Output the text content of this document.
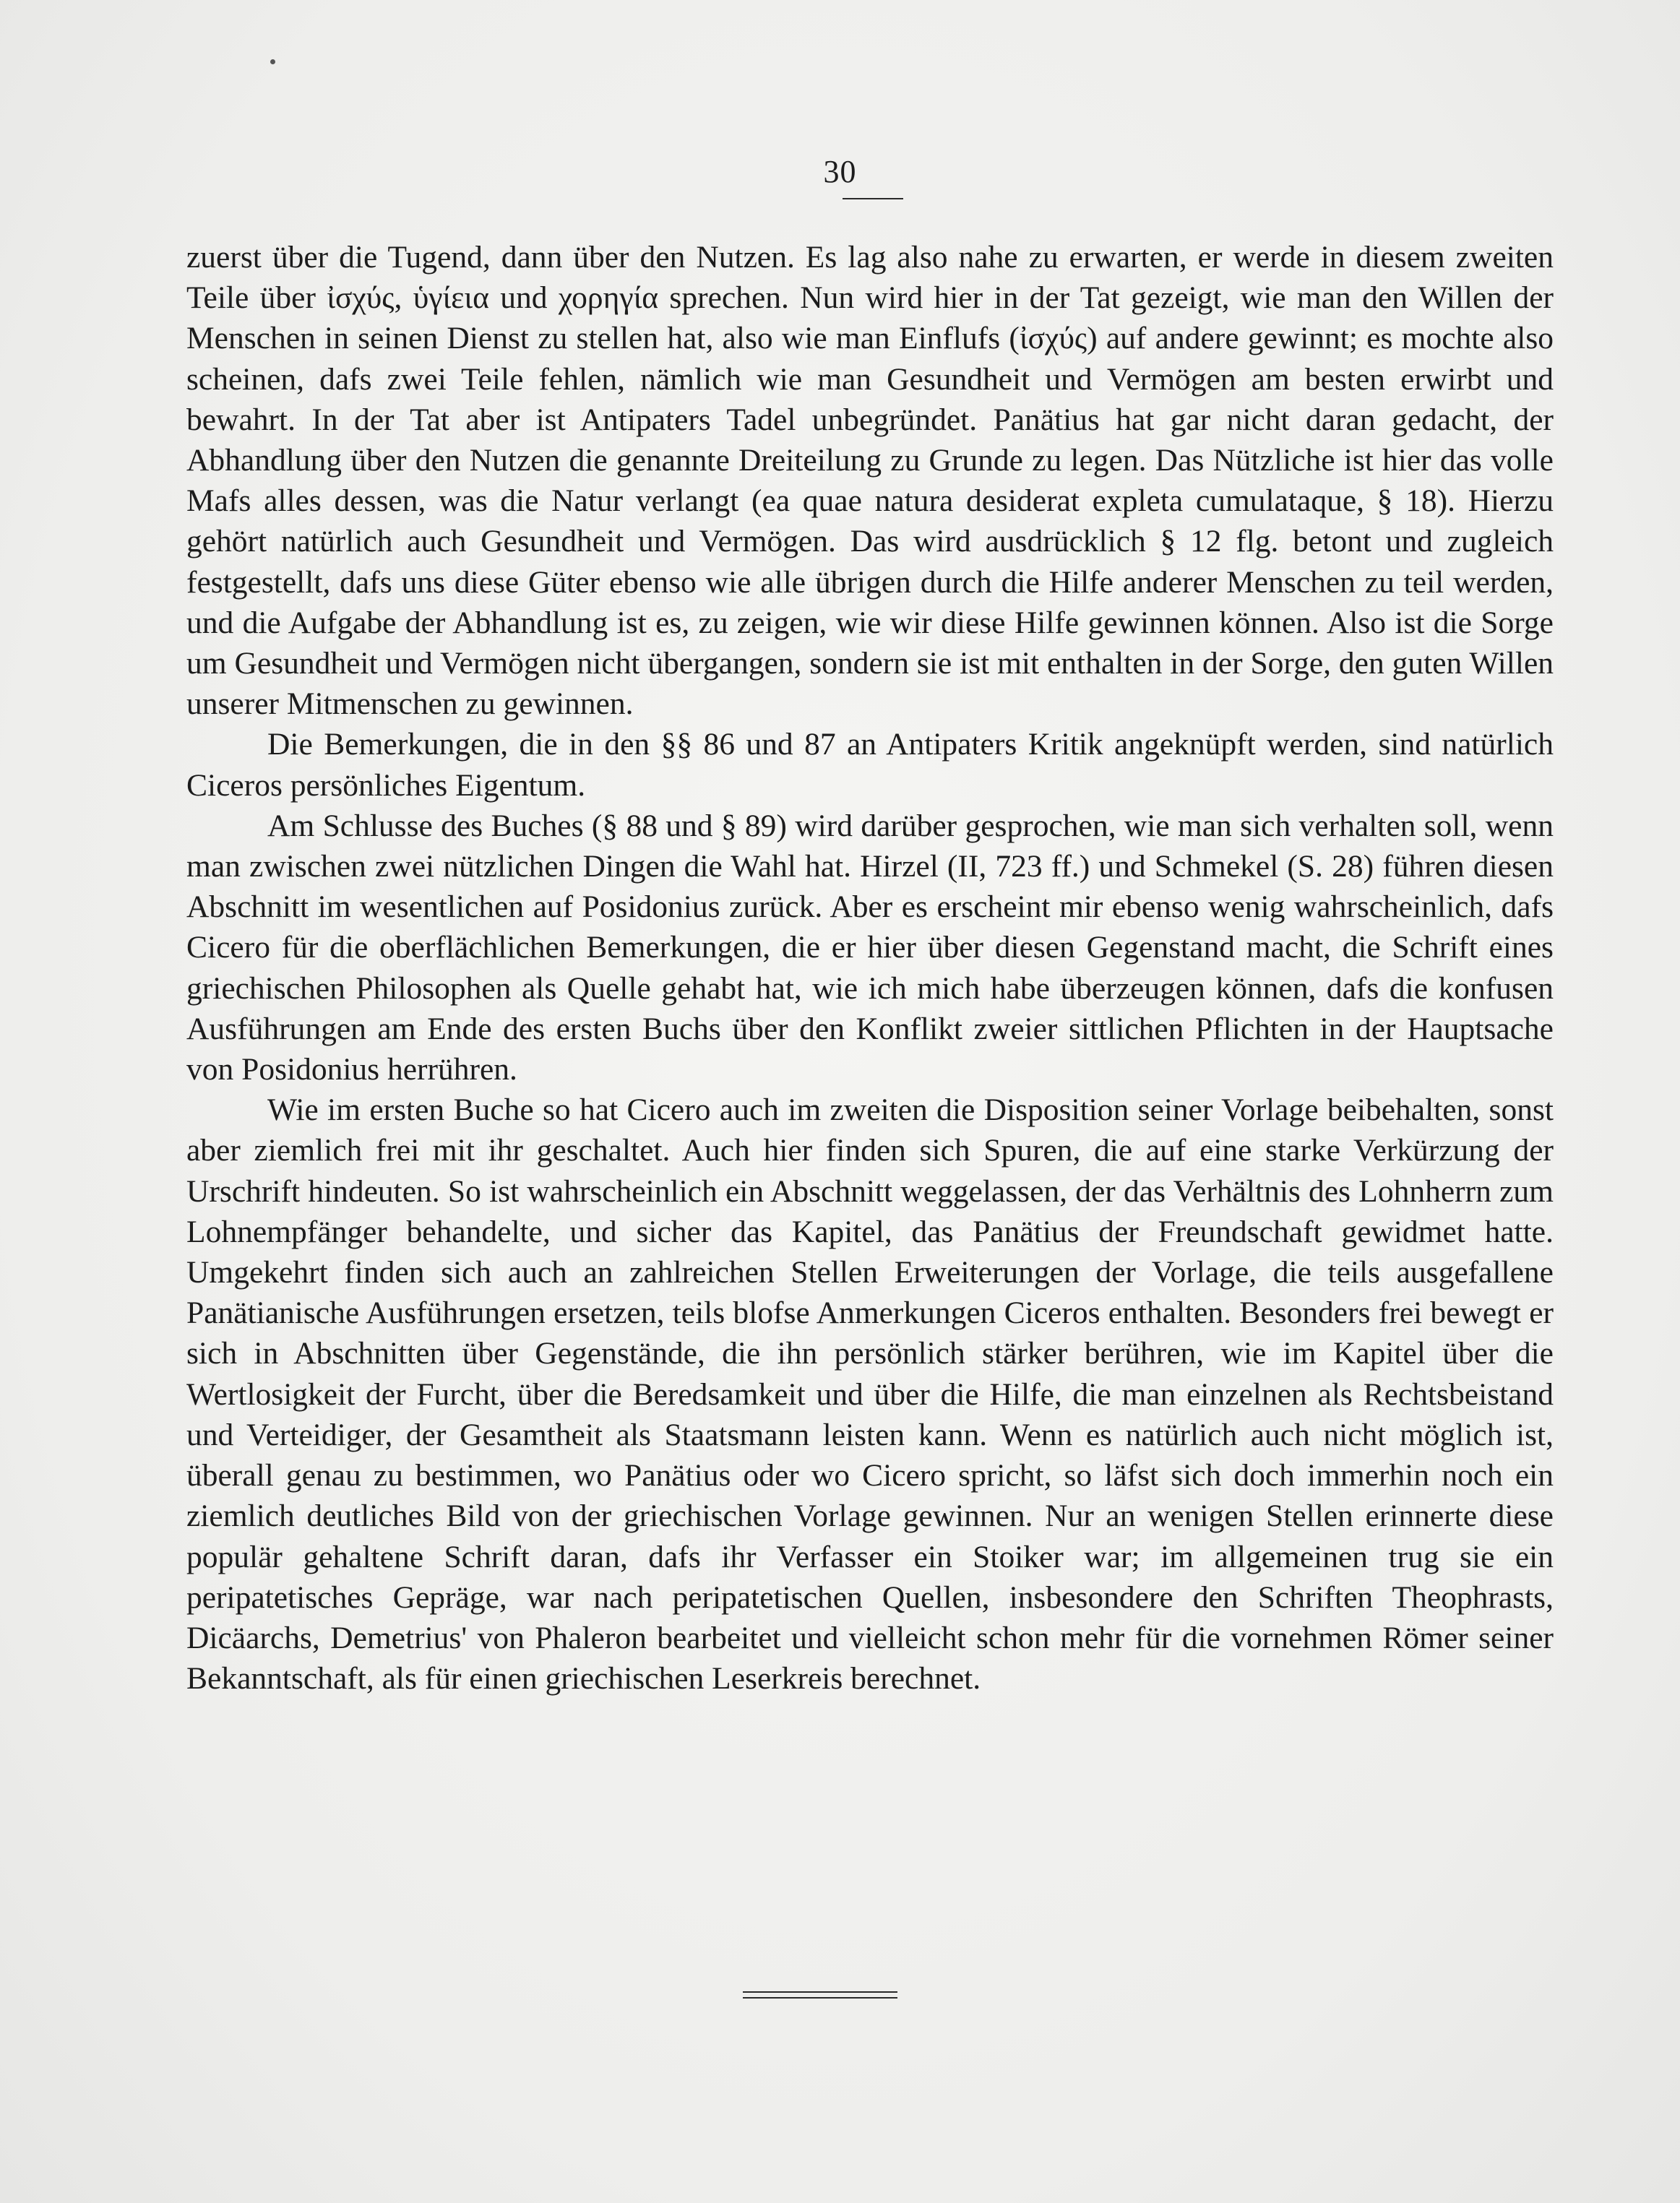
30

zuerst über die Tugend, dann über den Nutzen. Es lag also nahe zu erwarten, er werde in diesem zweiten Teile über ἰσχύς, ὑγίεια und χορηγία sprechen. Nun wird hier in der Tat gezeigt, wie man den Willen der Menschen in seinen Dienst zu stellen hat, also wie man Einflufs (ἰσχύς) auf andere gewinnt; es mochte also scheinen, dafs zwei Teile fehlen, nämlich wie man Gesundheit und Vermögen am besten erwirbt und bewahrt. In der Tat aber ist Antipaters Tadel unbegründet. Panätius hat gar nicht daran gedacht, der Abhandlung über den Nutzen die genannte Dreiteilung zu Grunde zu legen. Das Nützliche ist hier das volle Mafs alles dessen, was die Natur verlangt (ea quae natura desiderat expleta cumulataque, § 18). Hierzu gehört natürlich auch Gesundheit und Vermögen. Das wird ausdrücklich § 12 flg. betont und zugleich festgestellt, dafs uns diese Güter ebenso wie alle übrigen durch die Hilfe anderer Menschen zu teil werden, und die Aufgabe der Abhandlung ist es, zu zeigen, wie wir diese Hilfe gewinnen können. Also ist die Sorge um Gesundheit und Vermögen nicht übergangen, sondern sie ist mit enthalten in der Sorge, den guten Willen unserer Mitmenschen zu gewinnen.

Die Bemerkungen, die in den §§ 86 und 87 an Antipaters Kritik angeknüpft werden, sind natürlich Ciceros persönliches Eigentum.

Am Schlusse des Buches (§ 88 und § 89) wird darüber gesprochen, wie man sich verhalten soll, wenn man zwischen zwei nützlichen Dingen die Wahl hat. Hirzel (II, 723 ff.) und Schmekel (S. 28) führen diesen Abschnitt im wesentlichen auf Posidonius zurück. Aber es erscheint mir ebenso wenig wahrscheinlich, dafs Cicero für die oberflächlichen Bemerkungen, die er hier über diesen Gegenstand macht, die Schrift eines griechischen Philosophen als Quelle gehabt hat, wie ich mich habe überzeugen können, dafs die konfusen Ausführungen am Ende des ersten Buchs über den Konflikt zweier sittlichen Pflichten in der Hauptsache von Posidonius herrühren.

Wie im ersten Buche so hat Cicero auch im zweiten die Disposition seiner Vorlage beibehalten, sonst aber ziemlich frei mit ihr geschaltet. Auch hier finden sich Spuren, die auf eine starke Verkürzung der Urschrift hindeuten. So ist wahrscheinlich ein Abschnitt weggelassen, der das Verhältnis des Lohnherrn zum Lohnempfänger behandelte, und sicher das Kapitel, das Panätius der Freundschaft gewidmet hatte. Umgekehrt finden sich auch an zahlreichen Stellen Erweiterungen der Vorlage, die teils ausgefallene Panätianische Ausführungen ersetzen, teils blofse Anmerkungen Ciceros enthalten. Besonders frei bewegt er sich in Abschnitten über Gegenstände, die ihn persönlich stärker berühren, wie im Kapitel über die Wertlosigkeit der Furcht, über die Beredsamkeit und über die Hilfe, die man einzelnen als Rechtsbeistand und Verteidiger, der Gesamtheit als Staatsmann leisten kann. Wenn es natürlich auch nicht möglich ist, überall genau zu bestimmen, wo Panätius oder wo Cicero spricht, so läfst sich doch immerhin noch ein ziemlich deutliches Bild von der griechischen Vorlage gewinnen. Nur an wenigen Stellen erinnerte diese populär gehaltene Schrift daran, dafs ihr Verfasser ein Stoiker war; im allgemeinen trug sie ein peripatetisches Gepräge, war nach peripatetischen Quellen, insbesondere den Schriften Theophrasts, Dicäarchs, Demetrius' von Phaleron bearbeitet und vielleicht schon mehr für die vornehmen Römer seiner Bekanntschaft, als für einen griechischen Leserkreis berechnet.
